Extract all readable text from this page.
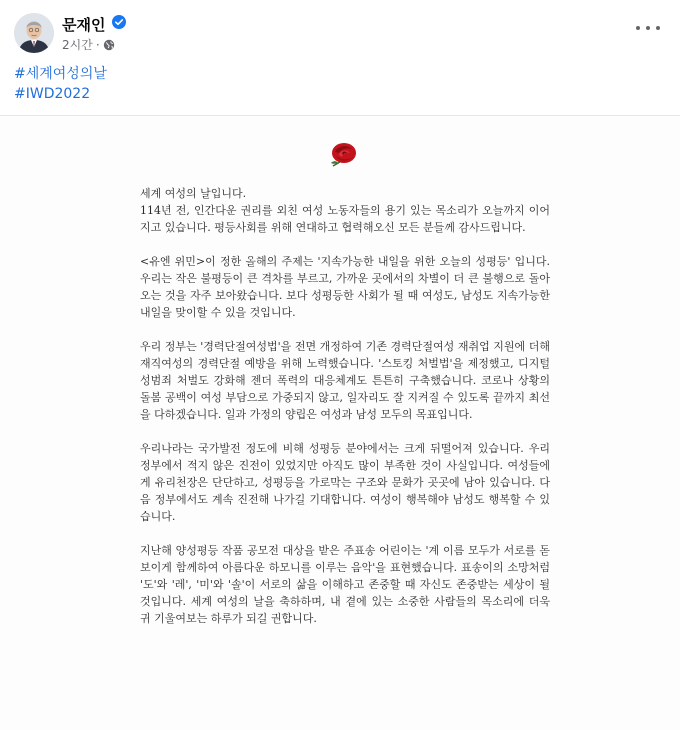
문재인
2시간 ·
#세계여성의날
#IWD2022

세계 여성의 날입니다.
114년 전, 인간다운 권리를 외친 여성 노동자들의 용기 있는 목소리가 오늘까지 이어지고 있습니다. 평등사회를 위해 연대하고 협력해오신 모든 분들께 감사드립니다.

<유엔 위민>이 정한 올해의 주제는 '지속가능한 내일을 위한 오늘의 성평등' 입니다. 우리는 작은 불평등이 큰 격차를 부르고, 가까운 곳에서의 차별이 더 큰 불행으로 돌아오는 것을 자주 보아왔습니다. 보다 성평등한 사회가 될 때 여성도, 남성도 지속가능한 내일을 맞이할 수 있을 것입니다.

우리 정부는 '경력단절여성법'을 전면 개정하여 기존 경력단절여성 재취업 지원에 더해 재직여성의 경력단절 예방을 위해 노력했습니다. '스토킹 처벌법'을 제정했고, 디지털 성범죄 처벌도 강화해 젠더 폭력의 대응체계도 튼튼히 구축했습니다. 코로나 상황의 돌봄 공백이 여성 부담으로 가중되지 않고, 일자리도 잘 지켜질 수 있도록 끝까지 최선을 다하겠습니다. 일과 가정의 양립은 여성과 남성 모두의 목표입니다.

우리나라는 국가발전 정도에 비해 성평등 분야에서는 크게 뒤떨어져 있습니다. 우리 정부에서 적지 않은 진전이 있었지만 아직도 많이 부족한 것이 사실입니다. 여성들에게 유리천장은 단단하고, 성평등을 가로막는 구조와 문화가 곳곳에 남아 있습니다. 다음 정부에서도 계속 진전해 나가길 기대합니다. 여성이 행복해야 남성도 행복할 수 있습니다.

지난해 양성평등 작품 공모전 대상을 받은 주표송 어린이는 '계 이름 모두가 서로를 돋보이게 함께하여 아름다운 하모니를 이루는 음악'을 표현했습니다. 표송이의 소망처럼 '도'와 '레', '미'와 '솔'이 서로의 삶을 이해하고 존중할 때 자신도 존중받는 세상이 될 것입니다. 세계 여성의 날을 축하하며, 내 곁에 있는 소중한 사람들의 목소리에 더욱 귀 기울여보는 하루가 되길 권합니다.
